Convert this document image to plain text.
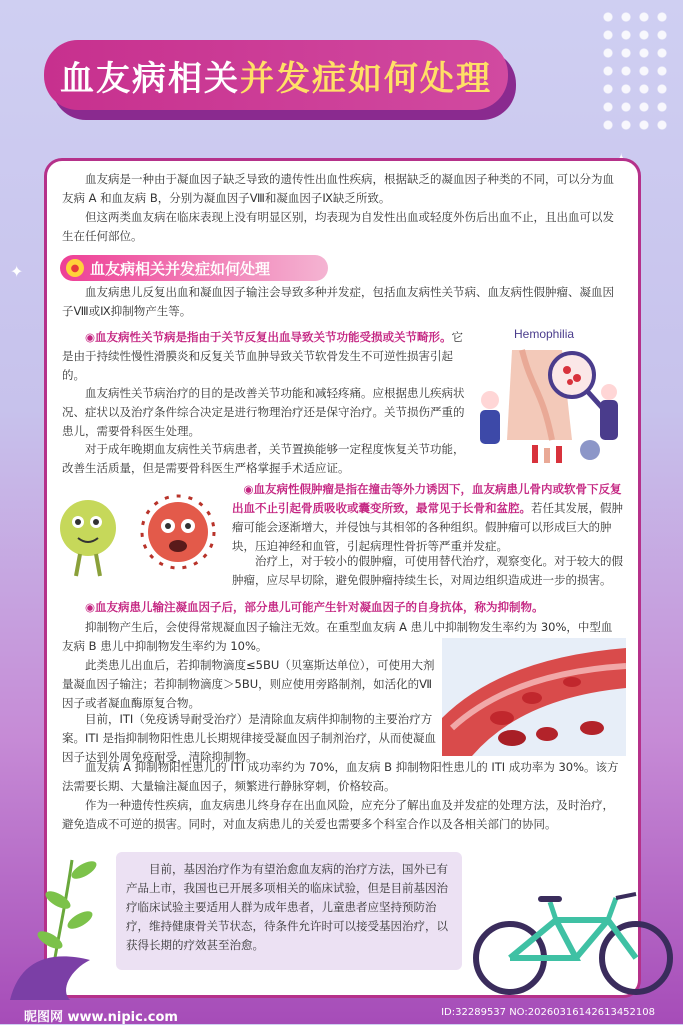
✦
血友病相关 并发症如何处理

血友病是一种由于凝血因子缺乏导致的遗传性出血性疾病，根据缺乏的凝血因子种类的不同，可以分为血友病 A 和血友病 B，分别为凝血因子Ⅷ和凝血因子Ⅸ缺乏所致。

但这两类血友病在临床表现上没有明显区别，均表现为自发性出血或轻度外伤后出血不止，且出血可以发生在任何部位。

● 血友病相关并发症如何处理

血友病患儿反复出血和凝血因子输注会导致多种并发症，包括血友病性关节病、血友病性假肿瘤、凝血因子Ⅷ或Ⅸ抑制物产生等。

◉血友病性关节病是指由于关节反复出血导致关节功能受损或关节畸形。它是由于持续性慢性滑膜炎和反复关节血肿导致关节软骨发生不可逆性损害引起的。

血友病性关节病治疗的目的是改善关节功能和减轻疼痛。应根据患儿疾病状况、症状以及治疗条件综合决定是进行物理治疗还是保守治疗。关节损伤严重的患儿，需要骨科医生处理。

对于成年晚期血友病性关节病患者，关节置换能够一定程度恢复关节功能，改善生活质量，但是需要骨科医生严格掌握手术适应证。

Hemophilia

◉血友病性假肿瘤是指在撞击等外力诱因下，血友病患儿骨内或软骨下反复出血不止引起骨质吸收或囊变所致，最常见于长骨和盆腔。若任其发展，假肿瘤可能会逐渐增大，并侵蚀与其相邻的各种组织。假肿瘤可以形成巨大的肿块，压迫神经和血管，引起病理性骨折等严重并发症。

治疗上，对于较小的假肿瘤，可使用替代治疗，观察变化。对于较大的假肿瘤，应尽早切除，避免假肿瘤持续生长，对周边组织造成进一步的损害。

◉血友病患儿输注凝血因子后，部分患儿可能产生针对凝血因子的自身抗体，称为抑制物。

抑制物产生后，会使得常规凝血因子输注无效。在重型血友病 A 患儿中抑制物发生率约为 30%，中型血友病 B 患儿中抑制物发生率约为 10%。

此类患儿出血后，若抑制物滴度≤5BU（贝塞斯达单位），可使用大剂量凝血因子输注；若抑制物滴度＞5BU，则应使用旁路制剂，如活化的Ⅶ因子或者凝血酶原复合物。

目前，ITI（免疫诱导耐受治疗）是清除血友病伴抑制物的主要治疗方案。ITI 是指抑制物阳性患儿长期规律接受凝血因子制剂治疗，从而使凝血因子达到外周免疫耐受，清除抑制物。

血友病 A 抑制物阳性患儿的 ITI 成功率约为 70%，血友病 B 抑制物阳性患儿的 ITI 成功率为 30%。该方法需要长期、大量输注凝血因子，频繁进行静脉穿刺，价格较高。

作为一种遗传性疾病，血友病患儿终身存在出血风险，应充分了解出血及并发症的处理方法，及时治疗，避免造成不可逆的损害。同时，对血友病患儿的关爱也需要多个科室合作以及各相关部门的协同。

目前，基因治疗作为有望治愈血友病的治疗方法，国外已有产品上市，我国也已开展多项相关的临床试验，但是目前基因治疗临床试验主要适用人群为成年患者，儿童患者应坚持预防治疗，维持健康骨关节状态，待条件允许时可以接受基因治疗，以获得长期的疗效甚至治愈。

昵图网 www.nipic.com	ID:32289537 NO:20260316142613452108
